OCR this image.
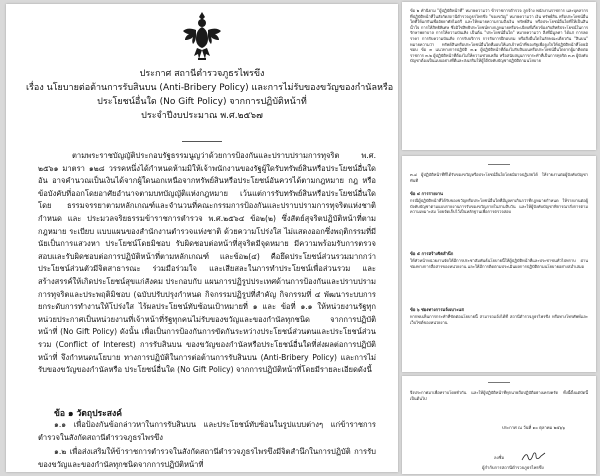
ประกาศ สถานีตำรวจภูธรไพรขึง
เรื่อง นโยบายต่อต้านการรับสินบน (Anti-Bribery Policy) และการไม่รับของขวัญของกำนัลหรือ
ประโยชน์อื่นใด (No Gift Policy) จากการปฏิบัติหน้าที่
ประจำปีงบประมาณ พ.ศ.๒๕๖๗

ตามพระราชบัญญัติประกอบรัฐธรรมนูญว่าด้วยการป้องกันและปราบปรามการทุจริต พ.ศ. ๒๕๖๑ มาตรา ๑๒๘ วรรคหนึ่งได้กำหนดห้ามมิให้เจ้าพนักงานของรัฐผู้ใดรับทรัพย์สินหรือประโยชน์อื่นใด อัน อาจคำนวณเป็นเงินได้จากผู้ใดนอกเหนือจากทรัพย์สินหรือประโยชน์อันควรได้ตามกฎหมาย กฎ หรือ ข้อบังคับที่ออกโดยอาศัยอำนาจตามบทบัญญัติแห่งกฎหมาย เว้นแต่การรับทรัพย์สินหรือประโยชน์อื่นใด โดย ธรรมจรรยาตามหลักเกณฑ์และจำนวนที่คณะกรรมการป้องกันและปราบปรามการทุจริตแห่งชาติกำหนด และ ประมวลจริยธรรมข้าราชการตำรวจ พ.ศ.๒๕๖๔ ข้อ๒(๒) ซึ่งสัตย์สุจริตปฏิบัติหน้าที่ตามกฎหมาย ระเบียบ แบบแผนของสำนักงานตำรวจแห่งชาติ ด้วยความโปร่งใส ไม่แสดงออกซึ่งพฤติกรรมที่มีนัยเป็นการแสวงหา ประโยชน์โดยมิชอบ รับผิดชอบต่อหน้าที่สุจริตมีจุดหมาย มีความพร้อมรับการตรวจสอบและรับผิดชอบต่อการปฏิบัติหน้าที่ตามหลักเกณฑ์ และข้อ๒(๔) คือยึดประโยชน์ส่วนรวมมากกว่าประโยชน์ส่วนตัวมีจิตสาธารณะ ร่วมมือร่วมใจ และเสียสละในการทำประโยชน์เพื่อส่วนรวม และสร้างสรรค์ให้เกิดประโยชน์สุขแก่สังคม ประกอบกับ แผนการปฏิรูปประเทศด้านการป้องกันและปราบปรามการทุจริตและประพฤติมิชอบ (ฉบับปรับปรุงกำหนด กิจกรรมปฏิรูปที่สำคัญ กิจกรรมที่ ๔ พัฒนาระบบการยกระดับการทำงานให้โปร่งใส ไร้ผลประโยชน์ทับซ้อนเป้าหมายที่ ๑ และ ข้อที่ ๑.๑ ให้หน่วยงานรัฐทุกหน่วยประกาศเป็นหน่วยงานที่เจ้าหน้าที่รัฐทุกคนไม่รับของขวัญและของกำนัลทุกชนิด จากการปฏิบัติหน้าที่ (No Gift Policy) ดังนั้น เพื่อเป็นการป้องกันการขัดกันระหว่างประโยชน์ส่วนตนและประโยชน์ส่วนรวม (Conflict of Interest) การรับสินบน ของขวัญของกำนัลหรือประโยชน์อื่นใดที่ส่งผลต่อการปฏิบัติหน้าที่ จึงกำหนดนโยบาย ทางการปฏิบัติในการต่อต้านการรับสินบน (Anti-Bribery Policy) และการไม่รับของขวัญของกำนัลหรือ ประโยชน์อื่นใด (No Gift Policy) จากการปฏิบัติหน้าที่โดยมีรายละเอียดดังนี้

ข้อ ๑ วัตถุประสงค์

๑.๑ เพื่อป้องกันข้อกล่าวหาในการรับสินบน และประโยชน์ทับซ้อนในรูปแบบต่างๆ แก่ข้าราชการตำรวจในสังกัดสถานีตำรวจภูธรไพรขึง

๑.๒ เพื่อส่งเสริมให้ข้าราชการตำรวจในสังกัดสถานีตำรวจภูธรไพรขึงมีจิตสำนึกในการปฏิบัติ การรับของขวัญและของกำนัลทุกชนิดจากการปฏิบัติหน้าที่

ข้อ ๒ คำนิยาม "ผู้ปฏิบัติหน้าที่" หมายความว่า ข้าราชการตำรวจ ลูกจ้าง พนักงานราชการ และบุคลากรที่ปฏิบัติหน้าที่ในสังกัดสถานีตำรวจภูธรไพรขึง "ของขวัญ" หมายความว่า เงิน ทรัพย์สิน หรือประโยชน์อื่นใดที่ให้แก่กันเพื่ออัธยาศัยไมตรี และให้หมายความรวมถึงเงิน ทรัพย์สิน หรือประโยชน์อื่นใดที่ให้เป็นสินน้ำใจ การให้สิทธิพิเศษ ซึ่งมิใช่สิทธิประโยชน์ทางกฎหมายหรือระเบียบที่เกี่ยวข้องกับสิทธิประโยชน์ในการรักษาพยาบาล การให้ความบันเทิง เป็นต้น "ประโยชน์อื่นใด" หมายความว่า สิ่งที่มีมูลค่า ได้แก่ การลดราคา การรับความบันเทิง การรับบริการ การรับการฝึกอบรม หรือสิ่งอื่นใดในลักษณะเดียวกัน "สินบน" หมายความว่า ทรัพย์สินหรือประโยชน์อื่นใดที่มอบให้แก่เจ้าหน้าที่ของรัฐเพื่อจูงใจให้ปฏิบัติหน้าที่โดยมิชอบ ข้อ ๓ แนวทางการปฏิบัติ ๓.๑ ผู้ปฏิบัติหน้าที่ต้องไม่รับสินบนหรือประโยชน์อื่นใดจากผู้มาติดต่อราชการ ๓.๒ ผู้ปฏิบัติหน้าที่ต้องไม่ให้ความช่วยเหลือ หรือสนับสนุนการกระทำที่เป็นการทุจริต ๓.๓ ผู้บังคับบัญชาต้องเป็นแบบอย่างที่ดีและส่งเสริมให้ผู้ใต้บังคับบัญชาปฏิบัติตามนโยบาย

๓.๔ ผู้ปฏิบัติหน้าที่ที่ได้รับของขวัญหรือประโยชน์อื่นใดโดยมิอาจปฏิเสธได้ ให้รายงานต่อผู้บังคับบัญชาทันที

ข้อ ๔ การรายงาน

กรณีผู้ปฏิบัติหน้าที่ได้รับของขวัญหรือประโยชน์อื่นใดที่มีมูลค่าเกินกว่าที่กฎหมายกำหนด ให้รายงานต่อผู้บังคับบัญชาตามแบบรายงานการรับของขวัญภายในสามสิบวัน และให้ผู้บังคับบัญชาพิจารณาสั่งการตามความเหมาะสม โดยจัดเก็บไว้เป็นหลักฐานเพื่อการตรวจสอบ

ข้อ ๕ การสร้างจิตสำนึก

ให้หัวหน้าหน่วยงานจัดให้มีการประชาสัมพันธ์นโยบายนี้ให้ผู้ปฏิบัติหน้าที่และประชาชนทั่วไปทราบ ผ่านช่องทางการสื่อสารของหน่วยงาน และให้มีการติดตามประเมินผลการปฏิบัติตามนโยบายอย่างสม่ำเสมอ

ข้อ ๖ ช่องทางการแจ้งเบาะแส

หากพบเห็นการกระทำที่ขัดต่อนโยบายนี้ สามารถแจ้งได้ที่ สถานีตำรวจภูธรไพรขึง หรือทางโทรศัพท์และเว็บไซต์ของหน่วยงาน

จึงประกาศมาเพื่อทราบโดยทั่วกัน และให้ผู้ปฏิบัติหน้าที่ทุกนายถือปฏิบัติอย่างเคร่งครัด ทั้งนี้ตั้งแต่บัดนี้เป็นต้นไป

ประกาศ ณ วันที่ ๑๐ ตุลาคม ๒๕๖๖
ลงชื่อ
ผู้กำกับการสถานีตำรวจภูธรไพรขึง
